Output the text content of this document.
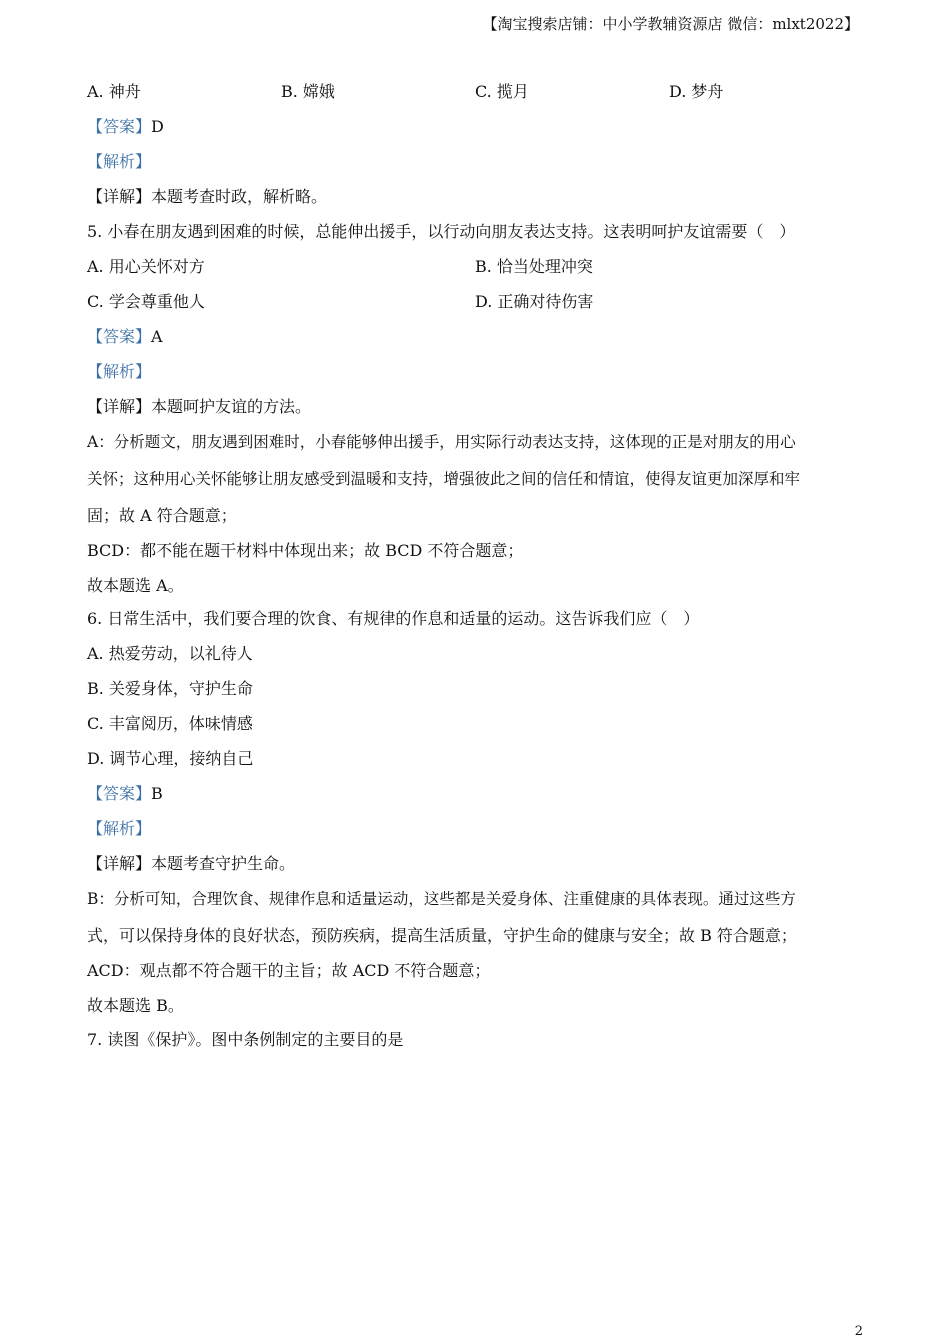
【淘宝搜索店铺：中小学教辅资源店 微信：mlxt2022】
A. 神舟	B. 嫦娥	C. 揽月	D. 梦舟
【答案】D
【解析】
【详解】本题考查时政，解析略。
5. 小春在朋友遇到困难的时候，总能伸出援手，以行动向朋友表达支持。这表明呵护友谊需要（　）
A. 用心关怀对方	B. 恰当处理冲突
C. 学会尊重他人	D. 正确对待伤害
【答案】A
【解析】
【详解】本题呵护友谊的方法。
A：分析题文，朋友遇到困难时，小春能够伸出援手，用实际行动表达支持，这体现的正是对朋友的用心
关怀；这种用心关怀能够让朋友感受到温暖和支持，增强彼此之间的信任和情谊，使得友谊更加深厚和牢
固；故 A 符合题意；
BCD：都不能在题干材料中体现出来；故 BCD 不符合题意；
故本题选 A。
6. 日常生活中，我们要合理的饮食、有规律的作息和适量的运动。这告诉我们应（　）
A. 热爱劳动，以礼待人
B. 关爱身体，守护生命
C. 丰富阅历，体味情感
D. 调节心理，接纳自己
【答案】B
【解析】
【详解】本题考查守护生命。
B：分析可知，合理饮食、规律作息和适量运动，这些都是关爱身体、注重健康的具体表现。通过这些方
式，可以保持身体的良好状态，预防疾病，提高生活质量，守护生命的健康与安全；故 B 符合题意；
ACD：观点都不符合题干的主旨；故 ACD 不符合题意；
故本题选 B。
7. 读图《保护》。图中条例制定的主要目的是
2
